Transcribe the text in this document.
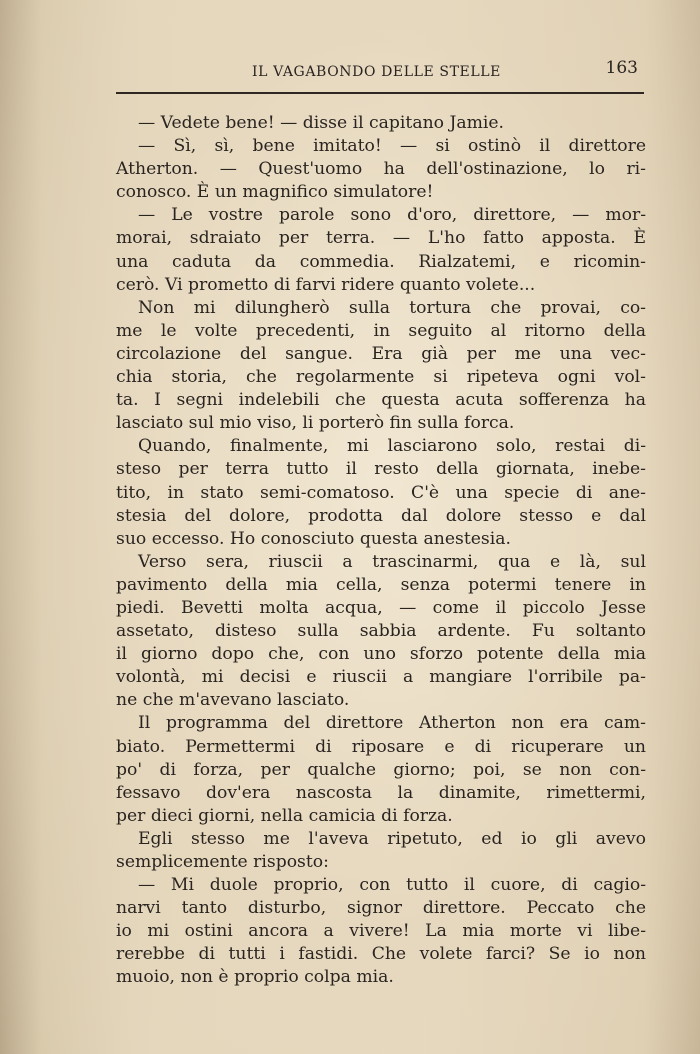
IL VAGABONDO DELLE STELLE	163
— Vedete bene! — disse il capitano Jamie.
— Sì, sì, bene imitato! — si ostinò il direttore
Atherton. — Quest'uomo ha dell'ostinazione, lo ri-
conosco. È un magnifico simulatore!
— Le vostre parole sono d'oro, direttore, — mor-
morai, sdraiato per terra. — L'ho fatto apposta. È
una caduta da commedia. Rialzatemi, e ricomin-
cerò. Vi prometto di farvi ridere quanto volete...
Non mi dilungherò sulla tortura che provai, co-
me le volte precedenti, in seguito al ritorno della
circolazione del sangue. Era già per me una vec-
chia storia, che regolarmente si ripeteva ogni vol-
ta. I segni indelebili che questa acuta sofferenza ha
lasciato sul mio viso, li porterò fin sulla forca.
Quando, finalmente, mi lasciarono solo, restai di-
steso per terra tutto il resto della giornata, inebe-
tito, in stato semi-comatoso. C'è una specie di ane-
stesia del dolore, prodotta dal dolore stesso e dal
suo eccesso. Ho conosciuto questa anestesia.
Verso sera, riuscii a trascinarmi, qua e là, sul
pavimento della mia cella, senza potermi tenere in
piedi. Bevetti molta acqua, — come il piccolo Jesse
assetato, disteso sulla sabbia ardente. Fu soltanto
il giorno dopo che, con uno sforzo potente della mia
volontà, mi decisi e riuscii a mangiare l'orribile pa-
ne che m'avevano lasciato.
Il programma del direttore Atherton non era cam-
biato. Permettermi di riposare e di ricuperare un
po' di forza, per qualche giorno; poi, se non con-
fessavo dov'era nascosta la dinamite, rimettermi,
per dieci giorni, nella camicia di forza.
Egli stesso me l'aveva ripetuto, ed io gli avevo
semplicemente risposto:
— Mi duole proprio, con tutto il cuore, di cagio-
narvi tanto disturbo, signor direttore. Peccato che
io mi ostini ancora a vivere! La mia morte vi libe-
rerebbe di tutti i fastidi. Che volete farci? Se io non
muoio, non è proprio colpa mia.
